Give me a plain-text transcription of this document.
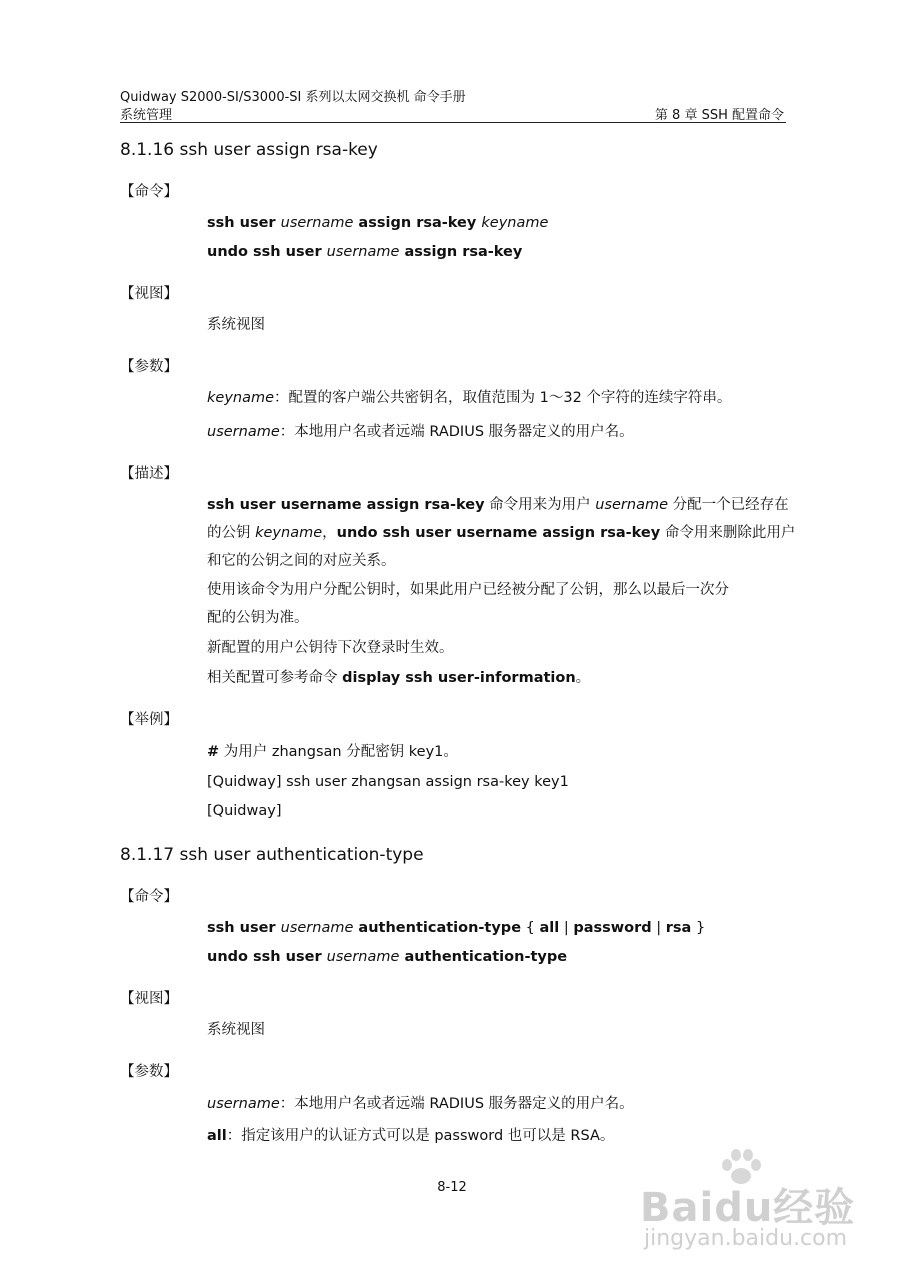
Quidway S2000-SI/S3000-SI 系列以太网交换机 命令手册
系统管理	第 8 章 SSH 配置命令
8.1.16 ssh user assign rsa-key
【命令】
ssh user username assign rsa-key keyname
undo ssh user username assign rsa-key
【视图】
系统视图
【参数】
keyname：配置的客户端公共密钥名，取值范围为 1～32 个字符的连续字符串。
username：本地用户名或者远端 RADIUS 服务器定义的用户名。
【描述】
ssh user username assign rsa-key 命令用来为用户 username 分配一个已经存在
的公钥 keyname，undo ssh user username assign rsa-key 命令用来删除此用户
和它的公钥之间的对应关系。
使用该命令为用户分配公钥时，如果此用户已经被分配了公钥，那么以最后一次分
配的公钥为准。
新配置的用户公钥待下次登录时生效。
相关配置可参考命令 display ssh user-information。
【举例】
# 为用户 zhangsan 分配密钥 key1。
[Quidway] ssh user zhangsan assign rsa-key key1
[Quidway]
8.1.17 ssh user authentication-type
【命令】
ssh user username authentication-type { all | password | rsa }
undo ssh user username authentication-type
【视图】
系统视图
【参数】
username：本地用户名或者远端 RADIUS 服务器定义的用户名。
all：指定该用户的认证方式可以是 password 也可以是 RSA。
8-12	Baidu经验
jingyan.baidu.com
